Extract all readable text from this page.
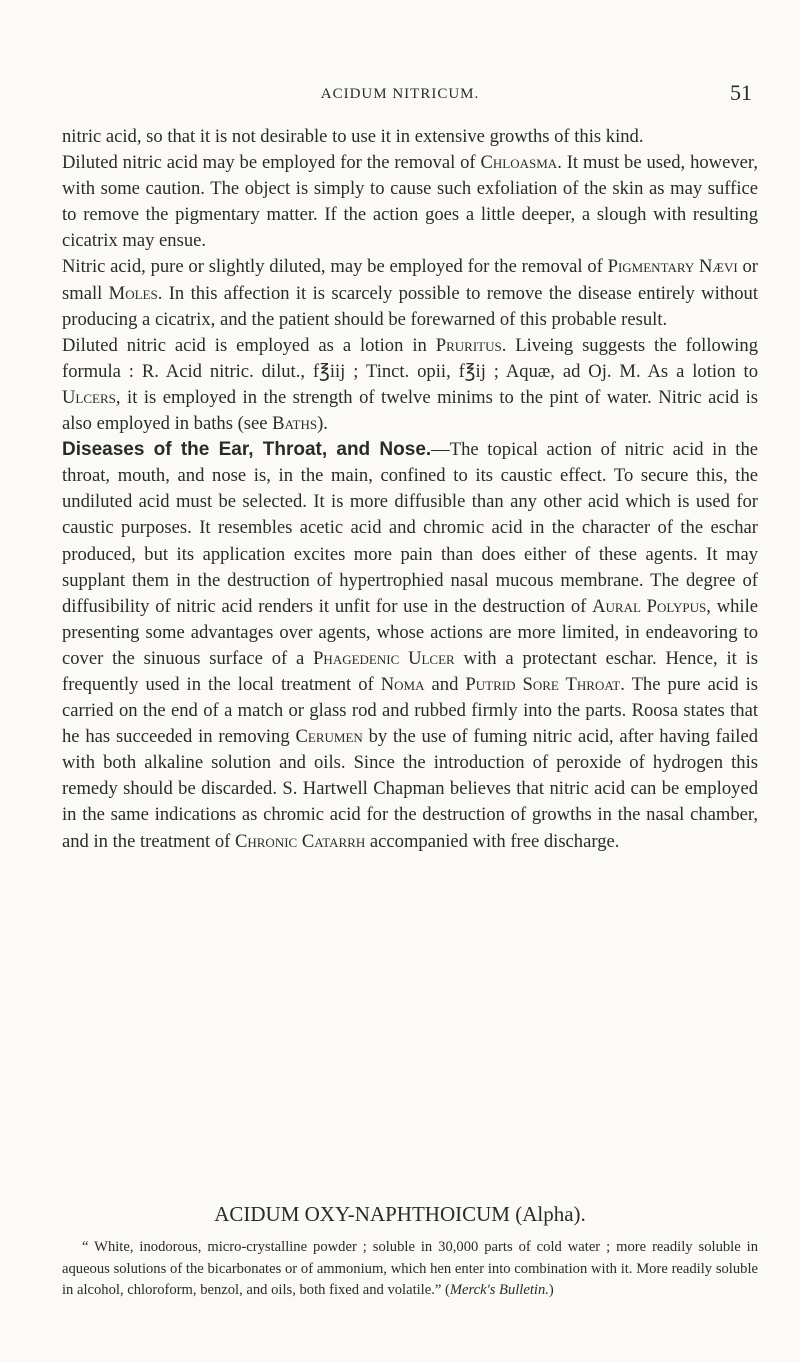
ACIDUM NITRICUM.	51

nitric acid, so that it is not desirable to use it in extensive growths of this kind.

Diluted nitric acid may be employed for the removal of Chloasma. It must be used, however, with some caution. The object is simply to cause such exfoliation of the skin as may suffice to remove the pigmentary matter. If the action goes a little deeper, a slough with resulting cicatrix may ensue.

Nitric acid, pure or slightly diluted, may be employed for the removal of Pigmentary Nævi or small Moles. In this affection it is scarcely possible to remove the disease entirely without producing a cicatrix, and the patient should be forewarned of this probable result.

Diluted nitric acid is employed as a lotion in Pruritus. Liveing suggests the following formula : R. Acid nitric. dilut., f℥iij ; Tinct. opii, f℥ij ; Aquæ, ad Oj. M. As a lotion to Ulcers, it is employed in the strength of twelve minims to the pint of water. Nitric acid is also employed in baths (see Baths).

Diseases of the Ear, Throat, and Nose.—The topical action of nitric acid in the throat, mouth, and nose is, in the main, confined to its caustic effect. To secure this, the undiluted acid must be selected. It is more diffusible than any other acid which is used for caustic purposes. It resembles acetic acid and chromic acid in the character of the eschar produced, but its application excites more pain than does either of these agents. It may supplant them in the destruction of hypertrophied nasal mucous membrane. The degree of diffusibility of nitric acid renders it unfit for use in the destruction of Aural Polypus, while presenting some advantages over agents, whose actions are more limited, in endeavoring to cover the sinuous surface of a Phagedenic Ulcer with a protectant eschar. Hence, it is frequently used in the local treatment of Noma and Putrid Sore Throat. The pure acid is carried on the end of a match or glass rod and rubbed firmly into the parts. Roosa states that he has succeeded in removing Cerumen by the use of fuming nitric acid, after having failed with both alkaline solution and oils. Since the introduction of peroxide of hydrogen this remedy should be discarded. S. Hartwell Chapman believes that nitric acid can be employed in the same indications as chromic acid for the destruction of growths in the nasal chamber, and in the treatment of Chronic Catarrh accompanied with free discharge.

ACIDUM OXY-NAPHTHOICUM (Alpha).

“ White, inodorous, micro-crystalline powder ; soluble in 30,000 parts of cold water ; more readily soluble in aqueous solutions of the bicarbonates or of ammonium, which hen enter into combination with it. More readily soluble in alcohol, chloroform, benzol, and oils, both fixed and volatile.” (Merck's Bulletin.)
